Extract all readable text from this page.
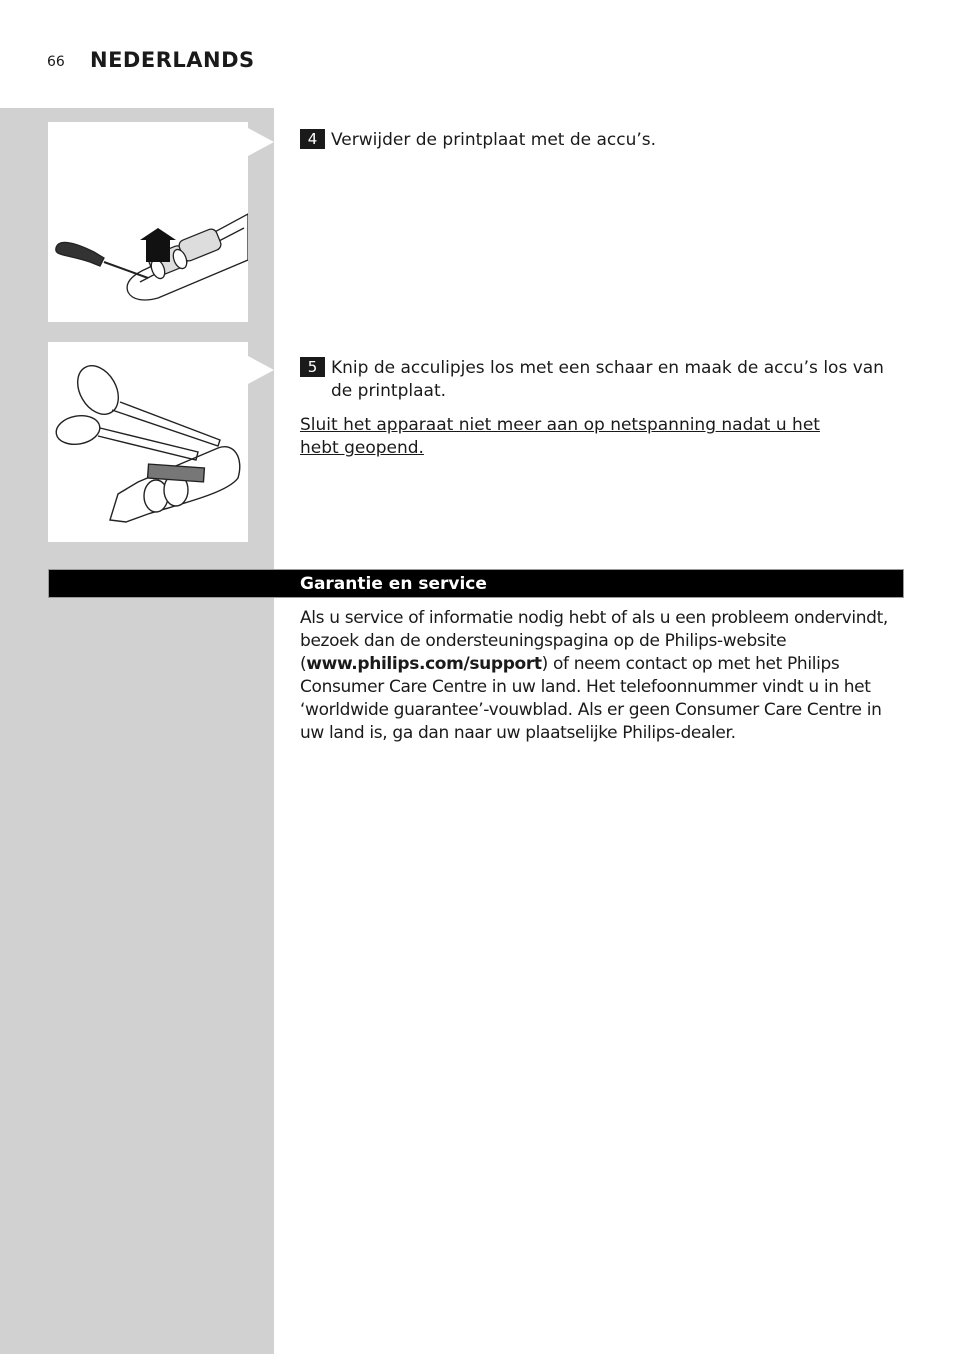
66 NEDERLANDS
4 Verwijder de printplaat met de accu’s.
5 Knip de acculipjes los met een schaar en maak de accu’s los van de printplaat.
Sluit het apparaat niet meer aan op netspanning nadat u het hebt geopend.
Garantie en service
Als u service of informatie nodig hebt of als u een probleem ondervindt, bezoek dan de ondersteuningspagina op de Philips-website (www.philips.com/support) of neem contact op met het Philips Consumer Care Centre in uw land. Het telefoonnummer vindt u in het ‘worldwide guarantee’-vouwblad. Als er geen Consumer Care Centre in uw land is, ga dan naar uw plaatselijke Philips-dealer.
